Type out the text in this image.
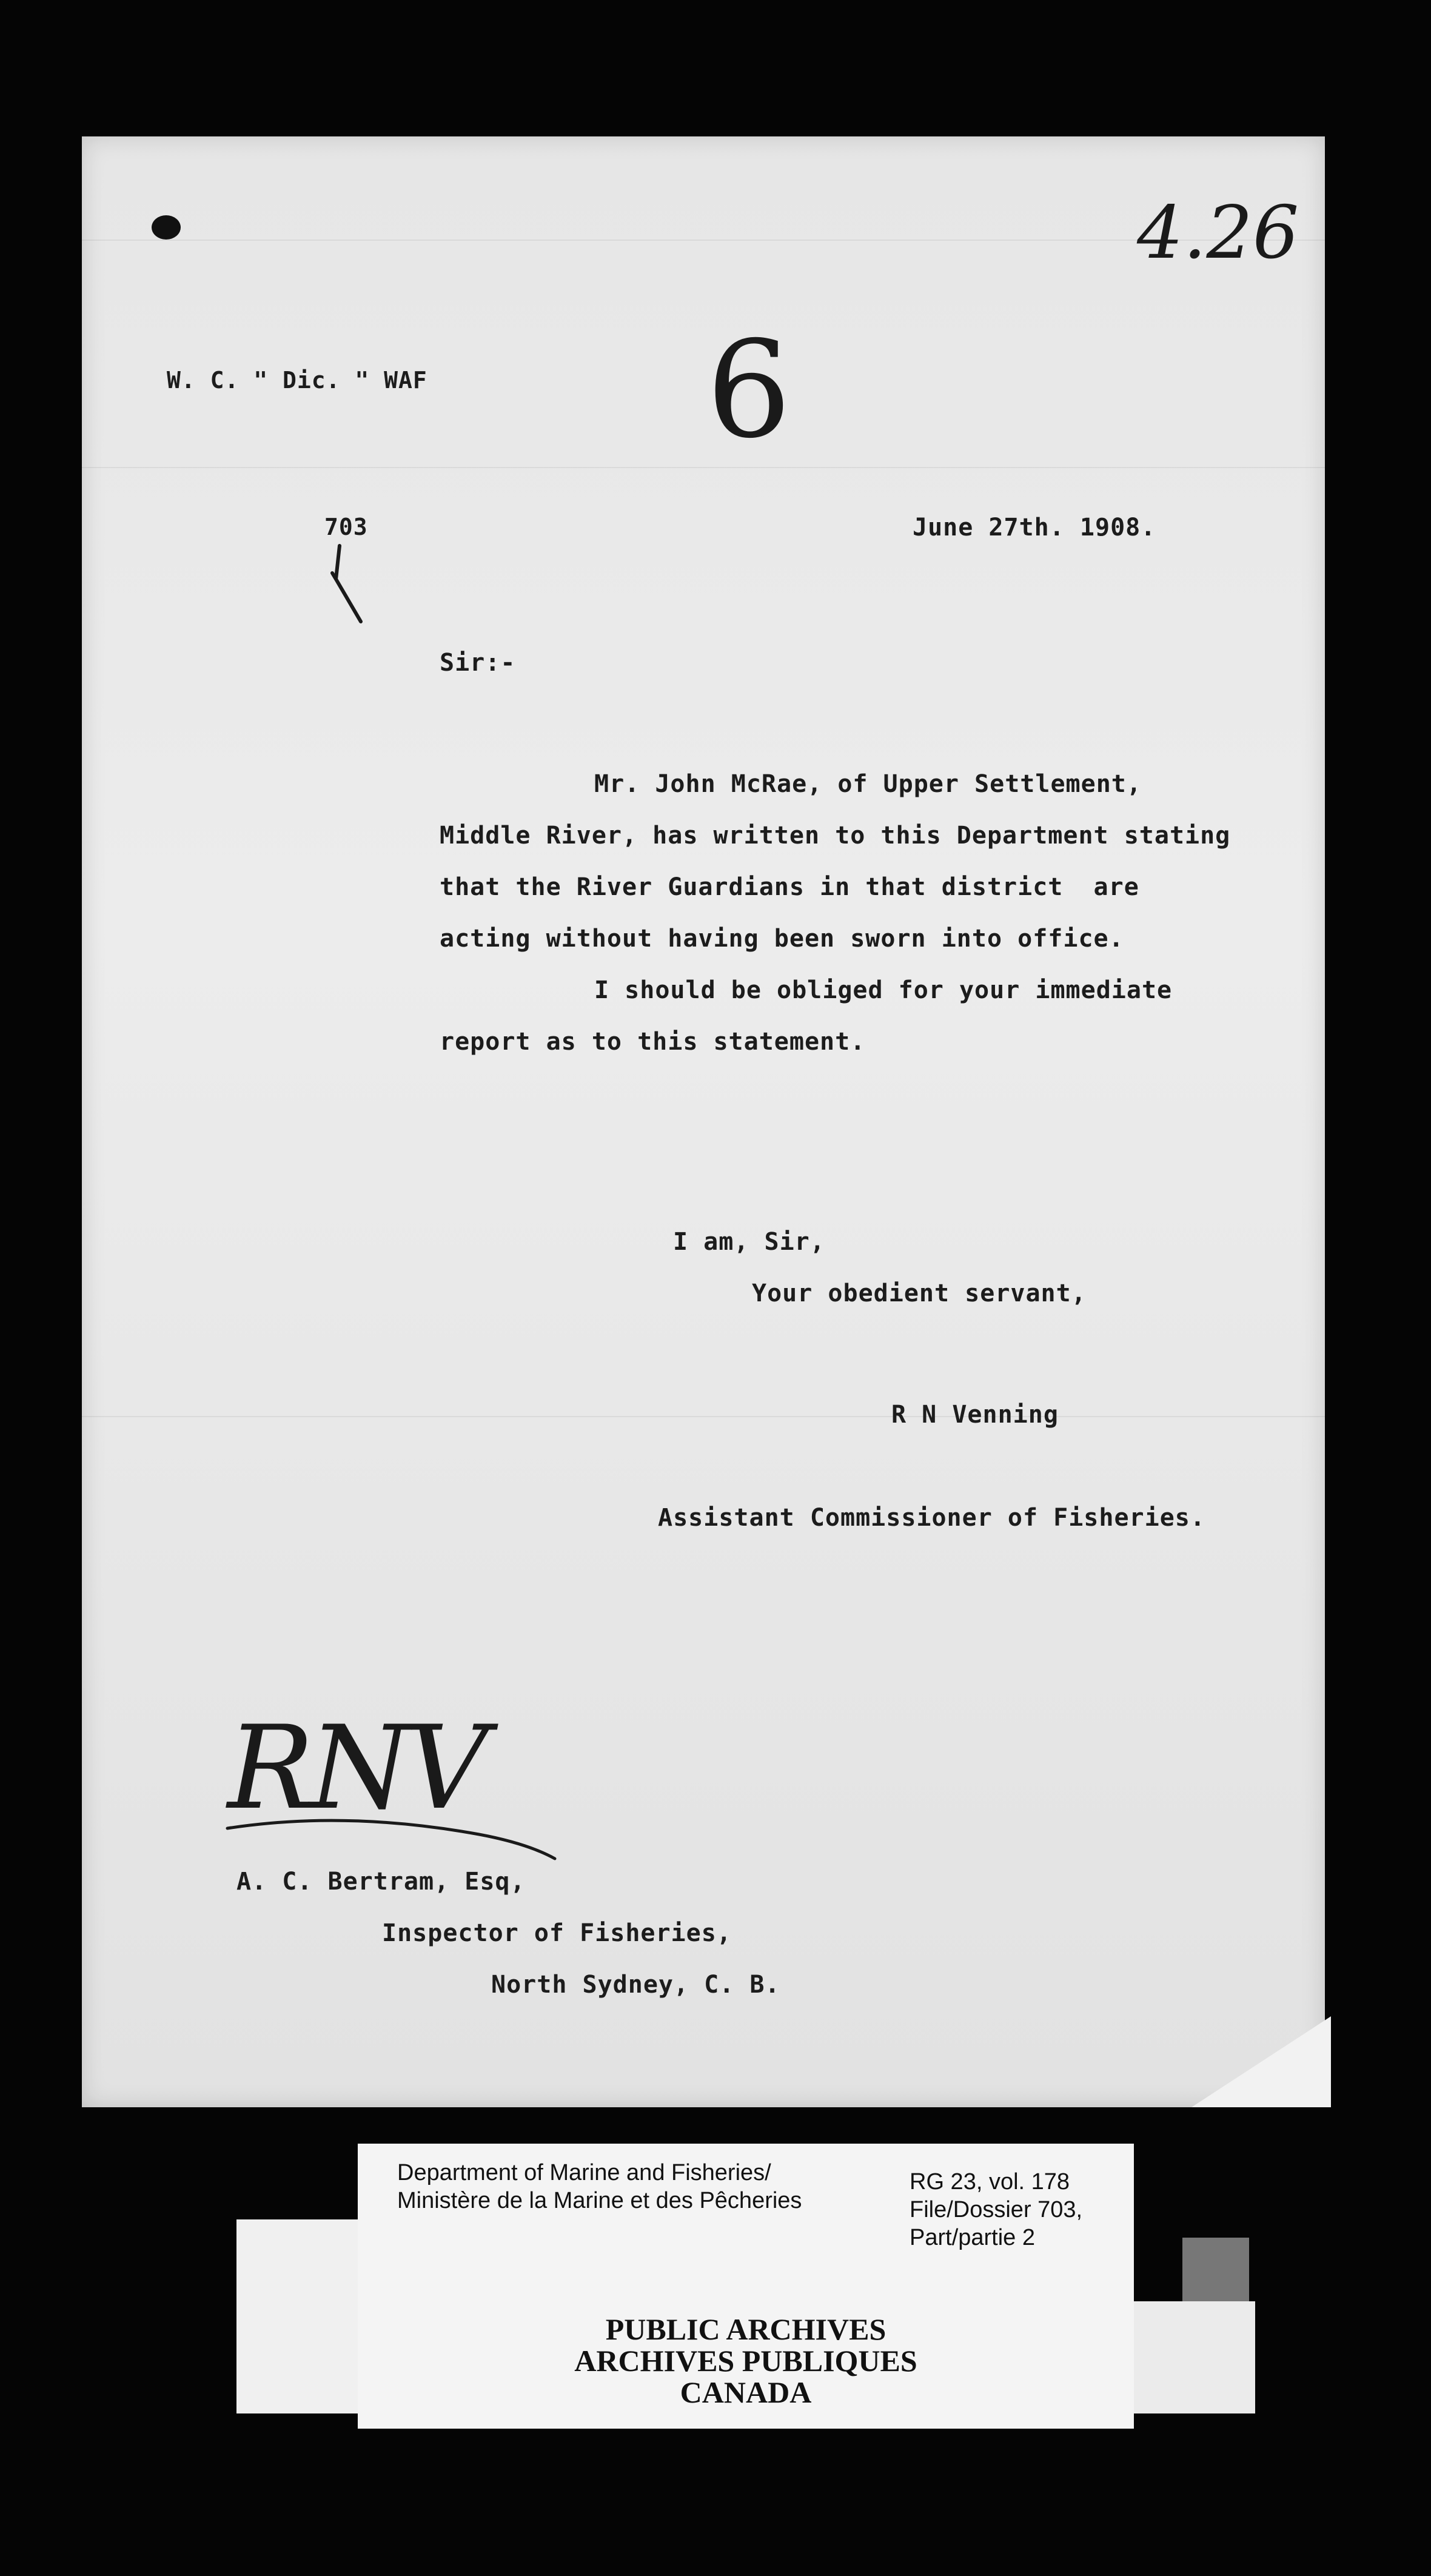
4.26
6
W. C. " Dic. " WAF
703	June 27th. 1908.
Sir:-
Mr. John McRae, of Upper Settlement,
Middle River, has written to this Department stating
that the River Guardians in that district  are
acting without having been sworn into office.
I should be obliged for your immediate
report as to this statement.
I am, Sir,
Your obedient servant,
R N Venning
Assistant Commissioner of Fisheries.
RNV
A. C. Bertram, Esq,
Inspector of Fisheries,
North Sydney, C. B.
Department of Marine and Fisheries/
Ministère de la Marine et des Pêcheries
RG 23, vol. 178
File/Dossier 703,
Part/partie 2
PUBLIC ARCHIVES
ARCHIVES PUBLIQUES
CANADA
